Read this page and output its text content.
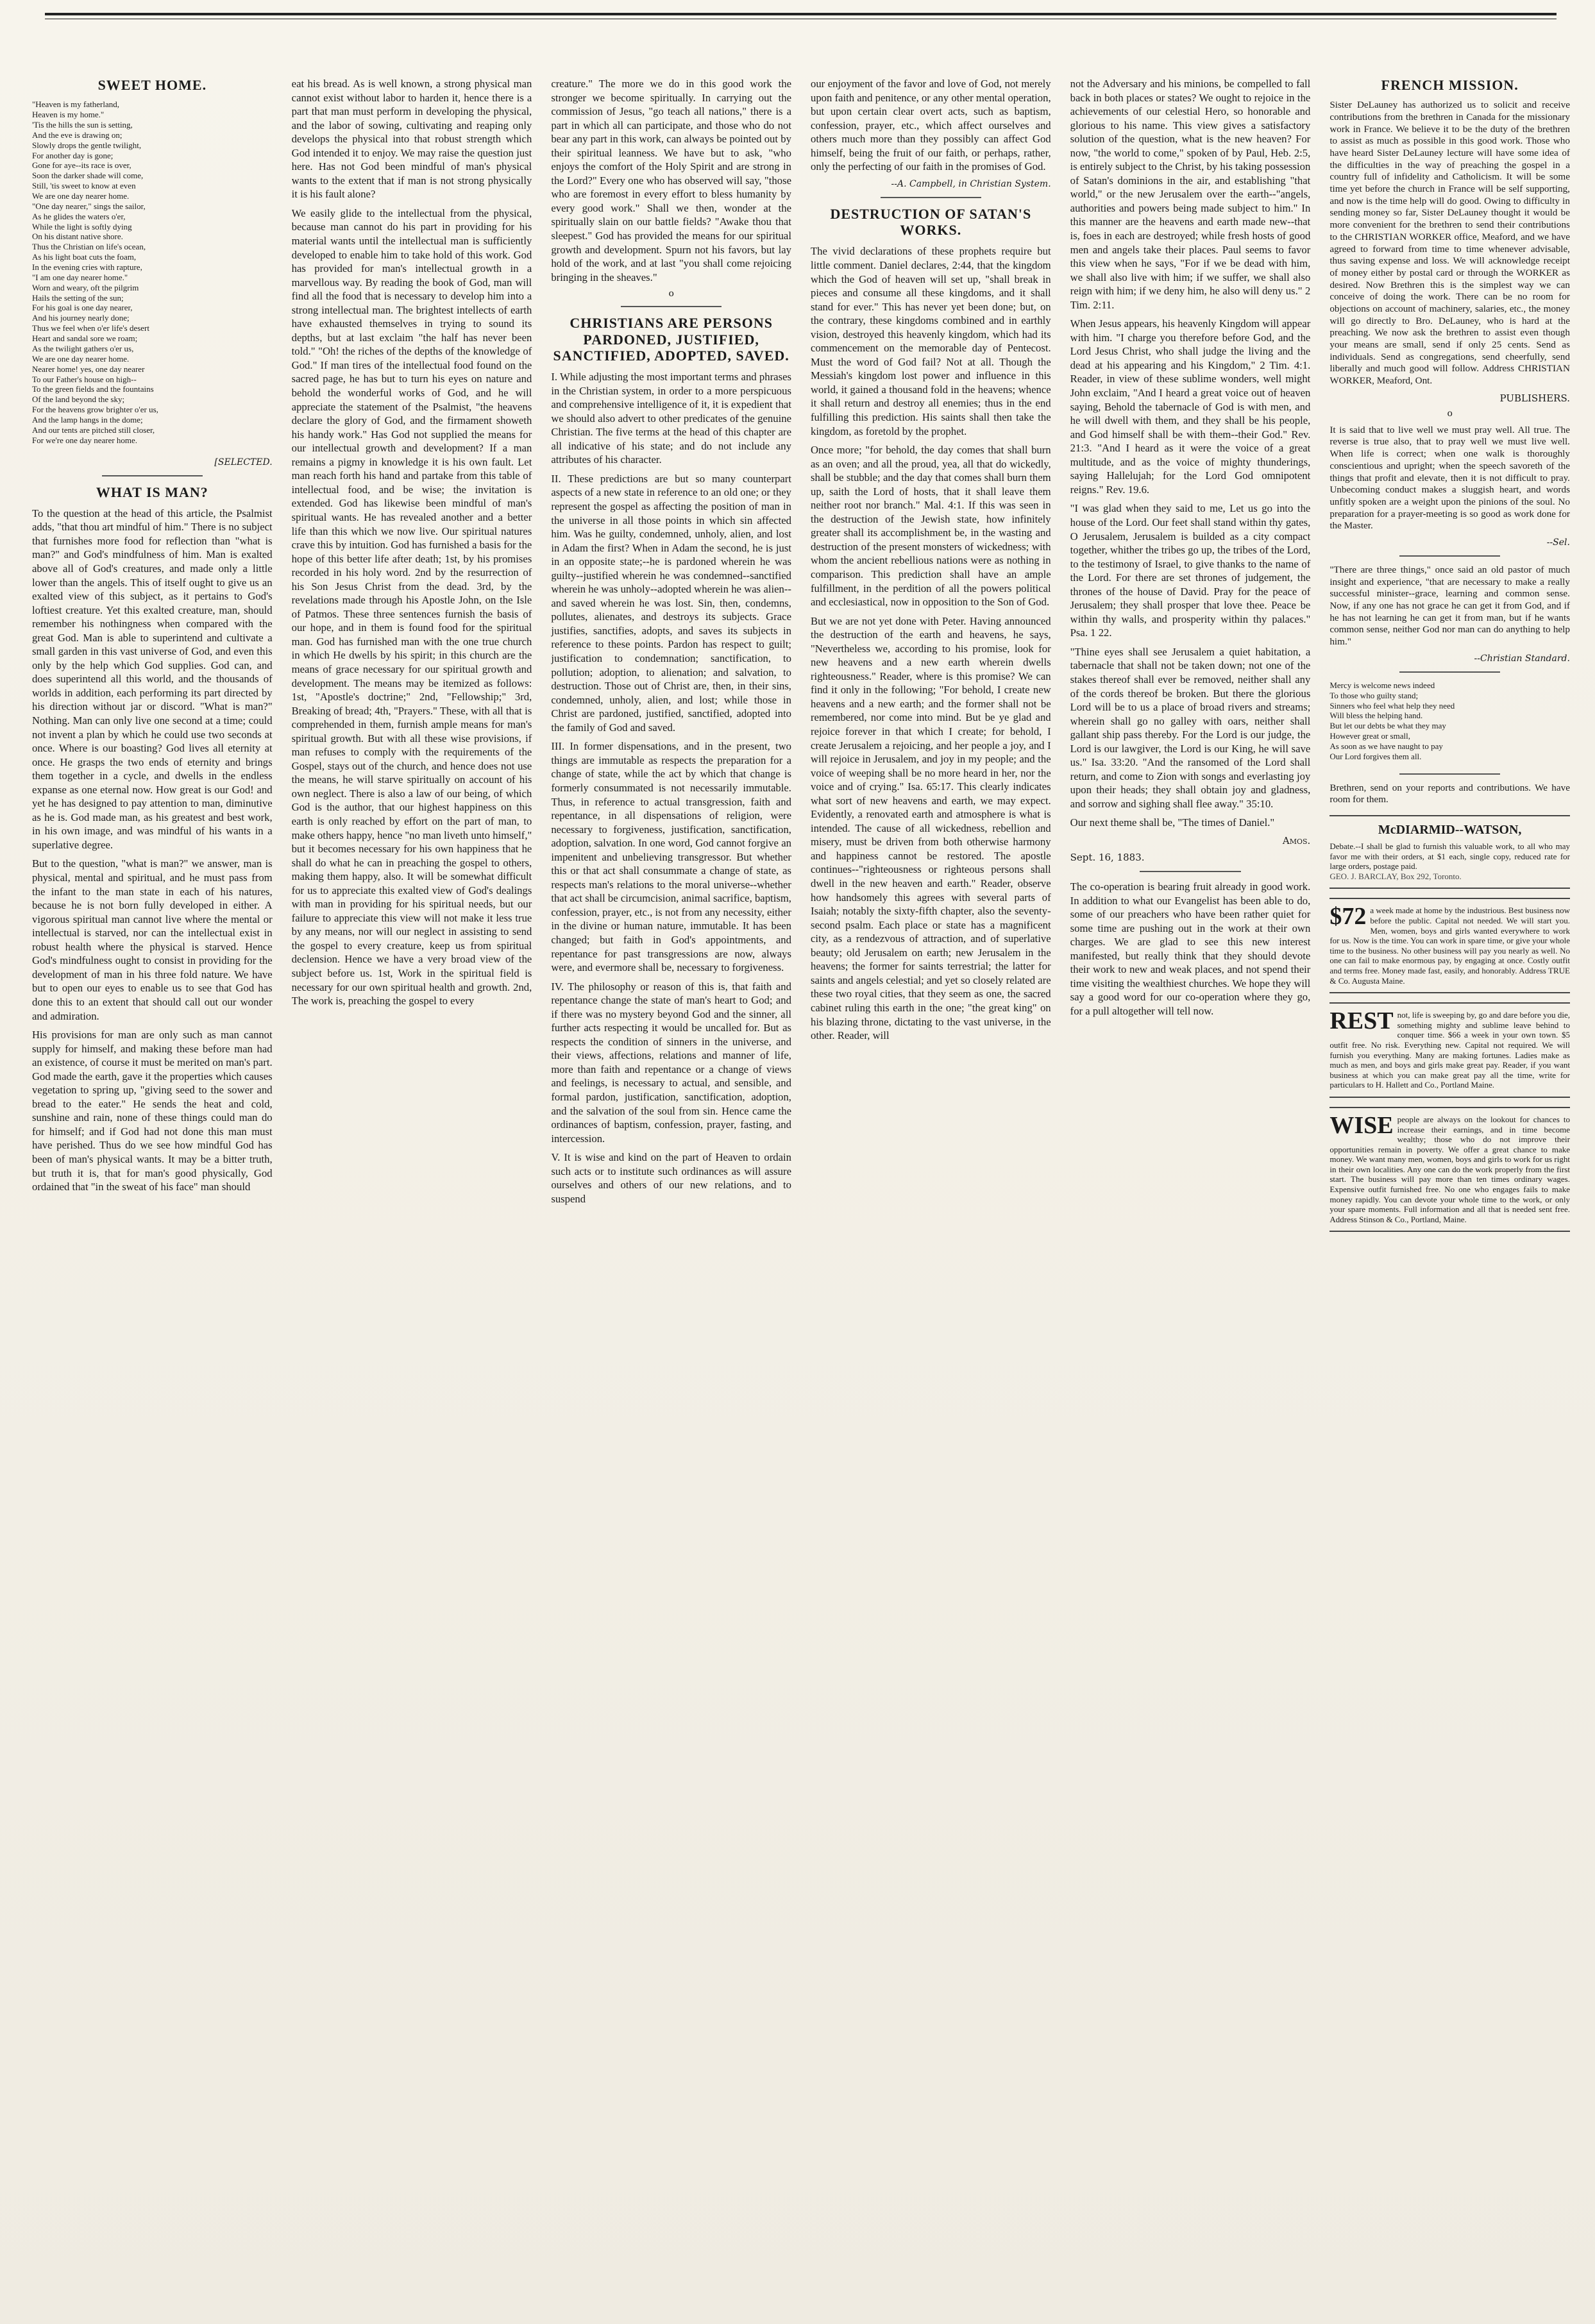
SWEET HOME.

"Heaven is my fatherland,

Heaven is my home."

'Tis the hills the sun is setting,

And the eve is drawing on;

Slowly drops the gentle twilight,

For another day is gone;

Gone for aye--its race is over,

Soon the darker shade will come,

Still, 'tis sweet to know at even

We are one day nearer home.

"One day nearer," sings the sailor,

As he glides the waters o'er,

While the light is softly dying

On his distant native shore.

Thus the Christian on life's ocean,

As his light boat cuts the foam,

In the evening cries with rapture,

"I am one day nearer home."

Worn and weary, oft the pilgrim

Hails the setting of the sun;

For his goal is one day nearer,

And his journey nearly done;

Thus we feel when o'er life's desert

Heart and sandal sore we roam;

As the twilight gathers o'er us,

We are one day nearer home.

Nearer home! yes, one day nearer

To our Father's house on high--

To the green fields and the fountains

Of the land beyond the sky;

For the heavens grow brighter o'er us,

And the lamp hangs in the dome;

And our tents are pitched still closer,

For we're one day nearer home.

[SELECTED.

WHAT IS MAN?

To the question at the head of this article, the Psalmist adds, "that thou art mindful of him." There is no subject that furnishes more food for reflection than "what is man?" and God's mindfulness of him. Man is exalted above all of God's creatures, and made only a little lower than the angels. This of itself ought to give us an exalted view of this subject, as it pertains to God's loftiest creature. Yet this exalted creature, man, should remember his nothingness when compared with the great God. Man is able to superintend and cultivate a small garden in this vast universe of God, and even this only by the help which God supplies. God can, and does superintend all this world, and the thousands of worlds in addition, each performing its part directed by his direction without jar or discord. "What is man?" Nothing. Man can only live one second at a time; could not invent a plan by which he could use two seconds at once. Where is our boasting? God lives all eternity at once. He grasps the two ends of eternity and brings them together in a cycle, and dwells in the endless expanse as one eternal now. How great is our God! and yet he has designed to pay attention to man, diminutive as he is. God made man, as his greatest and best work, in his own image, and was mindful of his wants in a superlative degree.

But to the question, "what is man?" we answer, man is physical, mental and spiritual, and he must pass from the infant to the man state in each of his natures, because he is not born fully developed in either. A vigorous spiritual man cannot live where the mental or intellectual is starved, nor can the intellectual exist in robust health where the physical is starved. Hence God's mindfulness ought to consist in providing for the development of man in his three fold nature. We have but to open our eyes to enable us to see that God has done this to an extent that should call out our wonder and admiration.

His provisions for man are only such as man cannot supply for himself, and making these before man had an existence, of course it must be merited on man's part. God made the earth, gave it the properties which causes vegetation to spring up, "giving seed to the sower and bread to the eater." He sends the heat and cold, sunshine and rain, none of these things could man do for himself; and if God had not done this man must have perished. Thus do we see how mindful God has been of man's physical wants. It may be a bitter truth, but truth it is, that for man's good physically, God ordained that "in the sweat of his face" man should

eat his bread. As is well known, a strong physical man cannot exist without labor to harden it, hence there is a part that man must perform in developing the physical, and the labor of sowing, cultivating and reaping only develops the physical into that robust strength which God intended it to enjoy. We may raise the question just here. Has not God been mindful of man's physical wants to the extent that if man is not strong physically it is his fault alone?

We easily glide to the intellectual from the physical, because man cannot do his part in providing for his material wants until the intellectual man is sufficiently developed to enable him to take hold of this work. God has provided for man's intellectual growth in a marvellous way. By reading the book of God, man will find all the food that is necessary to develop him into a strong intellectual man. The brightest intellects of earth have exhausted themselves in trying to sound its depths, but at last exclaim "the half has never been told." "Oh! the riches of the depths of the knowledge of God." If man tires of the intellectual food found on the sacred page, he has but to turn his eyes on nature and behold the wonderful works of God, and he will appreciate the statement of the Psalmist, "the heavens declare the glory of God, and the firmament showeth his handy work." Has God not supplied the means for our intellectual growth and development? If a man remains a pigmy in knowledge it is his own fault. Let man reach forth his hand and partake from this table of intellectual food, and be wise; the invitation is extended. God has likewise been mindful of man's spiritual wants. He has revealed another and a better life than this which we now live. Our spiritual natures crave this by intuition. God has furnished a basis for the hope of this better life after death; 1st, by his promises recorded in his holy word. 2nd by the resurrection of his Son Jesus Christ from the dead. 3rd, by the revelations made through his Apostle John, on the Isle of Patmos. These three sentences furnish the basis of our hope, and in them is found food for the spiritual man. God has furnished man with the one true church in which He dwells by his spirit; in this church are the means of grace necessary for our spiritual growth and development. The means may be itemized as follows: 1st, "Apostle's doctrine;" 2nd, "Fellowship;" 3rd, Breaking of bread; 4th, "Prayers." These, with all that is comprehended in them, furnish ample means for man's spiritual growth. But with all these wise provisions, if man refuses to comply with the requirements of the Gospel, stays out of the church, and hence does not use the means, he will starve spiritually on account of his own neglect. There is also a law of our being, of which God is the author, that our highest happiness on this earth is only reached by effort on the part of man, to make others happy, hence "no man liveth unto himself," but it becomes necessary for his own happiness that he shall do what he can in preaching the gospel to others, making them happy, also. It will be somewhat difficult for us to appreciate this exalted view of God's dealings with man in providing for his spiritual needs, but our failure to appreciate this view will not make it less true by any means, nor will our neglect in assisting to send the gospel to every creature, keep us from spiritual declension. Hence we have a very broad view of the subject before us. 1st, Work in the spiritual field is necessary for our own spiritual health and growth. 2nd, The work is, preaching the gospel to every

creature." The more we do in this good work the stronger we become spiritually. In carrying out the commission of Jesus, "go teach all nations," there is a part in which all can participate, and those who do not bear any part in this work, can always be pointed out by their spiritual leanness. We have but to ask, "who enjoys the comfort of the Holy Spirit and are strong in the Lord?" Every one who has observed will say, "those who are foremost in every effort to bless humanity by every good work." Shall we then, wonder at the spiritually slain on our battle fields? "Awake thou that sleepest." God has provided the means for our spiritual growth and development. Spurn not his favors, but lay hold of the work, and at last "you shall come rejoicing bringing in the sheaves."

o
CHRISTIANS ARE PERSONS PARDONED, JUSTIFIED, SANCTIFIED, ADOPTED, SAVED.

I. While adjusting the most important terms and phrases in the Christian system, in order to a more perspicuous and comprehensive intelligence of it, it is expedient that we should also advert to other predicates of the genuine Christian. The five terms at the head of this chapter are all indicative of his state; and do not include any attributes of his character.

II. These predictions are but so many counterpart aspects of a new state in reference to an old one; or they represent the gospel as affecting the position of man in the universe in all those points in which sin affected him. Was he guilty, condemned, unholy, alien, and lost in Adam the first? When in Adam the second, he is just in an opposite state;--he is pardoned wherein he was guilty--justified wherein he was condemned--sanctified wherein he was unholy--adopted wherein he was alien--and saved wherein he was lost. Sin, then, condemns, pollutes, alienates, and destroys its subjects. Grace justifies, sanctifies, adopts, and saves its subjects in reference to these points. Pardon has respect to guilt; justification to condemnation; sanctification, to pollution; adoption, to alienation; and salvation, to destruction. Those out of Christ are, then, in their sins, condemned, unholy, alien, and lost; while those in Christ are pardoned, justified, sanctified, adopted into the family of God and saved.

III. In former dispensations, and in the present, two things are immutable as respects the preparation for a change of state, while the act by which that change is formerly consummated is not necessarily immutable. Thus, in reference to actual transgression, faith and repentance, in all dispensations of religion, were necessary to forgiveness, justification, sanctification, adoption, salvation. In one word, God cannot forgive an impenitent and unbelieving transgressor. But whether this or that act shall consummate a change of state, as respects man's relations to the moral universe--whether that act shall be circumcision, animal sacrifice, baptism, confession, prayer, etc., is not from any necessity, either in the divine or human nature, immutable. It has been changed; but faith in God's appointments, and repentance for past transgressions are now, always were, and evermore shall be, necessary to forgiveness.

IV. The philosophy or reason of this is, that faith and repentance change the state of man's heart to God; and if there was no mystery beyond God and the sinner, all further acts respecting it would be uncalled for. But as respects the condition of sinners in the universe, and their views, affections, relations and manner of life, more than faith and repentance or a change of views and feelings, is necessary to actual, and sensible, and formal pardon, justification, sanctification, adoption, and the salvation of the soul from sin. Hence came the ordinances of baptism, confession, prayer, fasting, and intercession.

V. It is wise and kind on the part of Heaven to ordain such acts or to institute such ordinances as will assure ourselves and others of our new relations, and to suspend

our enjoyment of the favor and love of God, not merely upon faith and penitence, or any other mental operation, but upon certain clear overt acts, such as baptism, confession, prayer, etc., which affect ourselves and others much more than they possibly can affect God himself, being the fruit of our faith, or perhaps, rather, only the perfecting of our faith in the promises of God.

--A. Campbell, in Christian System.

DESTRUCTION OF SATAN'S WORKS.

The vivid declarations of these prophets require but little comment. Daniel declares, 2:44, that the kingdom which the God of heaven will set up, "shall break in pieces and consume all these kingdoms, and it shall stand for ever." This has never yet been done; but, on the contrary, these kingdoms combined and in earthly vision, destroyed this heavenly kingdom, which had its commencement on the memorable day of Pentecost. Must the word of God fail? Not at all. Though the Messiah's kingdom lost power and influence in this world, it gained a thousand fold in the heavens; whence it shall return and destroy all enemies; thus in the end fulfilling this prediction. His saints shall then take the kingdom, as foretold by the prophet.

Once more; "for behold, the day comes that shall burn as an oven; and all the proud, yea, all that do wickedly, shall be stubble; and the day that comes shall burn them up, saith the Lord of hosts, that it shall leave them neither root nor branch." Mal. 4:1. If this was seen in the destruction of the Jewish state, how infinitely greater shall its accomplishment be, in the wasting and destruction of the present monsters of wickedness; with whom the ancient rebellious nations were as nothing in comparison. This prediction shall have an ample fulfillment, in the perdition of all the powers political and ecclesiastical, now in opposition to the Son of God.

But we are not yet done with Peter. Having announced the destruction of the earth and heavens, he says, "Nevertheless we, according to his promise, look for new heavens and a new earth wherein dwells righteousness." Reader, where is this promise? We can find it only in the following; "For behold, I create new heavens and a new earth; and the former shall not be remembered, nor come into mind. But be ye glad and rejoice forever in that which I create; for behold, I create Jerusalem a rejoicing, and her people a joy, and I will rejoice in Jerusalem, and joy in my people; and the voice of weeping shall be no more heard in her, nor the voice and of crying." Isa. 65:17. This clearly indicates what sort of new heavens and earth, we may expect. Evidently, a renovated earth and atmosphere is what is intended. The cause of all wickedness, rebellion and misery, must be driven from both otherwise harmony and happiness cannot be restored. The apostle continues--"righteousness or righteous persons shall dwell in the new heaven and earth." Reader, observe how handsomely this agrees with several parts of Isaiah; notably the sixty-fifth chapter, also the seventy-second psalm. Each place or state has a magnificent city, as a rendezvous of attraction, and of superlative beauty; old Jerusalem on earth; new Jerusalem in the heavens; the former for saints terrestrial; the latter for saints and angels celestial; and yet so closely related are these two royal cities, that they seem as one, the sacred cabinet ruling this earth in the one; "the great king" on his blazing throne, dictating to the vast universe, in the other. Reader, will

not the Adversary and his minions, be compelled to fall back in both places or states? We ought to rejoice in the achievements of our celestial Hero, so honorable and glorious to his name. This view gives a satisfactory solution of the question, what is the new heaven? For now, "the world to come," spoken of by Paul, Heb. 2:5, is entirely subject to the Christ, by his taking possession of Satan's dominions in the air, and establishing "that world," or the new Jerusalem over the earth--"angels, authorities and powers being made subject to him." In this manner are the heavens and earth made new--that is, foes in each are destroyed; while fresh hosts of good men and angels take their places. Paul seems to favor this view when he says, "For if we be dead with him, we shall also live with him; if we suffer, we shall also reign with him; if we deny him, he also will deny us." 2 Tim. 2:11.

When Jesus appears, his heavenly Kingdom will appear with him. "I charge you therefore before God, and the Lord Jesus Christ, who shall judge the living and the dead at his appearing and his Kingdom," 2 Tim. 4:1. Reader, in view of these sublime wonders, well might John exclaim, "And I heard a great voice out of heaven saying, Behold the tabernacle of God is with men, and he will dwell with them, and they shall be his people, and God himself shall be with them--their God." Rev. 21:3. "And I heard as it were the voice of a great multitude, and as the voice of mighty thunderings, saying Hallelujah; for the Lord God omnipotent reigns." Rev. 19.6.

"I was glad when they said to me, Let us go into the house of the Lord. Our feet shall stand within thy gates, O Jerusalem, Jerusalem is builded as a city compact together, whither the tribes go up, the tribes of the Lord, to the testimony of Israel, to give thanks to the name of the Lord. For there are set thrones of judgement, the thrones of the house of David. Pray for the peace of Jerusalem; they shall prosper that love thee. Peace be within thy walls, and prosperity within thy palaces." Psa. 1 22.

"Thine eyes shall see Jerusalem a quiet habitation, a tabernacle that shall not be taken down; not one of the stakes thereof shall ever be removed, neither shall any of the cords thereof be broken. But there the glorious Lord will be to us a place of broad rivers and streams; wherein shall go no galley with oars, neither shall gallant ship pass thereby. For the Lord is our judge, the Lord is our lawgiver, the Lord is our King, he will save us." Isa. 33:20. "And the ransomed of the Lord shall return, and come to Zion with songs and everlasting joy upon their heads; they shall obtain joy and gladness, and sorrow and sighing shall flee away." 35:10.

Our next theme shall be, "The times of Daniel."

Amos.

Sept. 16, 1883.

The co-operation is bearing fruit already in good work. In addition to what our Evangelist has been able to do, some of our preachers who have been rather quiet for some time are pushing out in the work at their own charges. We are glad to see this new interest manifested, but really think that they should devote their work to new and weak places, and not spend their time visiting the wealthiest churches. We hope they will say a good word for our co-operation where they go, for a pull altogether will tell now.

FRENCH MISSION.

Sister DeLauney has authorized us to solicit and receive contributions from the brethren in Canada for the missionary work in France. We believe it to be the duty of the brethren to assist as much as possible in this good work. Those who have heard Sister DeLauney lecture will have some idea of the difficulties in the way of preaching the gospel in a country full of infidelity and Catholicism. It will be some time yet before the church in France will be self supporting, and now is the time help will do good. Owing to difficulty in sending money so far, Sister DeLauney thought it would be more convenient for the brethren to send their contributions to the CHRISTIAN WORKER office, Meaford, and we have agreed to forward from time to time whenever advisable, thus saving expense and loss. We will acknowledge receipt of money either by postal card or through the WORKER as desired. Now Brethren this is the simplest way we can conceive of doing the work. There can be no room for objections on account of machinery, salaries, etc., the money will go directly to Bro. DeLauney, who is hard at the preaching. We now ask the brethren to assist even though your means are small, send if only 25 cents. Send as individuals. Send as congregations, send cheerfully, send liberally and much good will follow. Address CHRISTIAN WORKER, Meaford, Ont.

PUBLISHERS.

o

It is said that to live well we must pray well. All true. The reverse is true also, that to pray well we must live well. When life is correct; when one walk is thoroughly conscientious and upright; when the speech savoreth of the things that profit and elevate, then it is not difficult to pray. Unbecoming conduct makes a sluggish heart, and words unfitly spoken are a weight upon the pinions of the soul. No preparation for a prayer-meeting is so good as work done for the Master.

--Sel.

"There are three things," once said an old pastor of much insight and experience, "that are necessary to make a really successful minister--grace, learning and common sense. Now, if any one has not grace he can get it from God, and if he has not learning he can get it from man, but if he wants common sense, neither God nor man can do anything to help him."

--Christian Standard.

Mercy is welcome news indeed

To those who guilty stand;

Sinners who feel what help they need

Will bless the helping hand.

But let our debts be what they may

However great or small,

As soon as we have naught to pay

Our Lord forgives them all.

Brethren, send on your reports and contributions. We have room for them.

McDIARMID--WATSON,

Debate.--I shall be glad to furnish this valuable work, to all who may favor me with their orders, at $1 each, single copy, reduced rate for large orders, postage paid.

GEO. J. BARCLAY, Box 292, Toronto.

$72 a week made at home by the industrious. Best business now before the public. Capital not needed. We will start you. Men, women, boys and girls wanted everywhere to work for us. Now is the time. You can work in spare time, or give your whole time to the business. No other business will pay you nearly as well. No one can fail to make enormous pay, by engaging at once. Costly outfit and terms free. Money made fast, easily, and honorably. Address TRUE & Co. Augusta Maine.

REST not, life is sweeping by, go and dare before you die, something mighty and sublime leave behind to conquer time. $66 a week in your own town. $5 outfit free. No risk. Everything new. Capital not required. We will furnish you everything. Many are making fortunes. Ladies make as much as men, and boys and girls make great pay. Reader, if you want business at which you can make great pay all the time, write for particulars to H. Hallett and Co., Portland Maine.

WISE people are always on the lookout for chances to increase their earnings, and in time become wealthy; those who do not improve their opportunities remain in poverty. We offer a great chance to make money. We want many men, women, boys and girls to work for us right in their own localities. Any one can do the work properly from the first start. The business will pay more than ten times ordinary wages. Expensive outfit furnished free. No one who engages fails to make money rapidly. You can devote your whole time to the work, or only your spare moments. Full information and all that is needed sent free. Address Stinson & Co., Portland, Maine.
